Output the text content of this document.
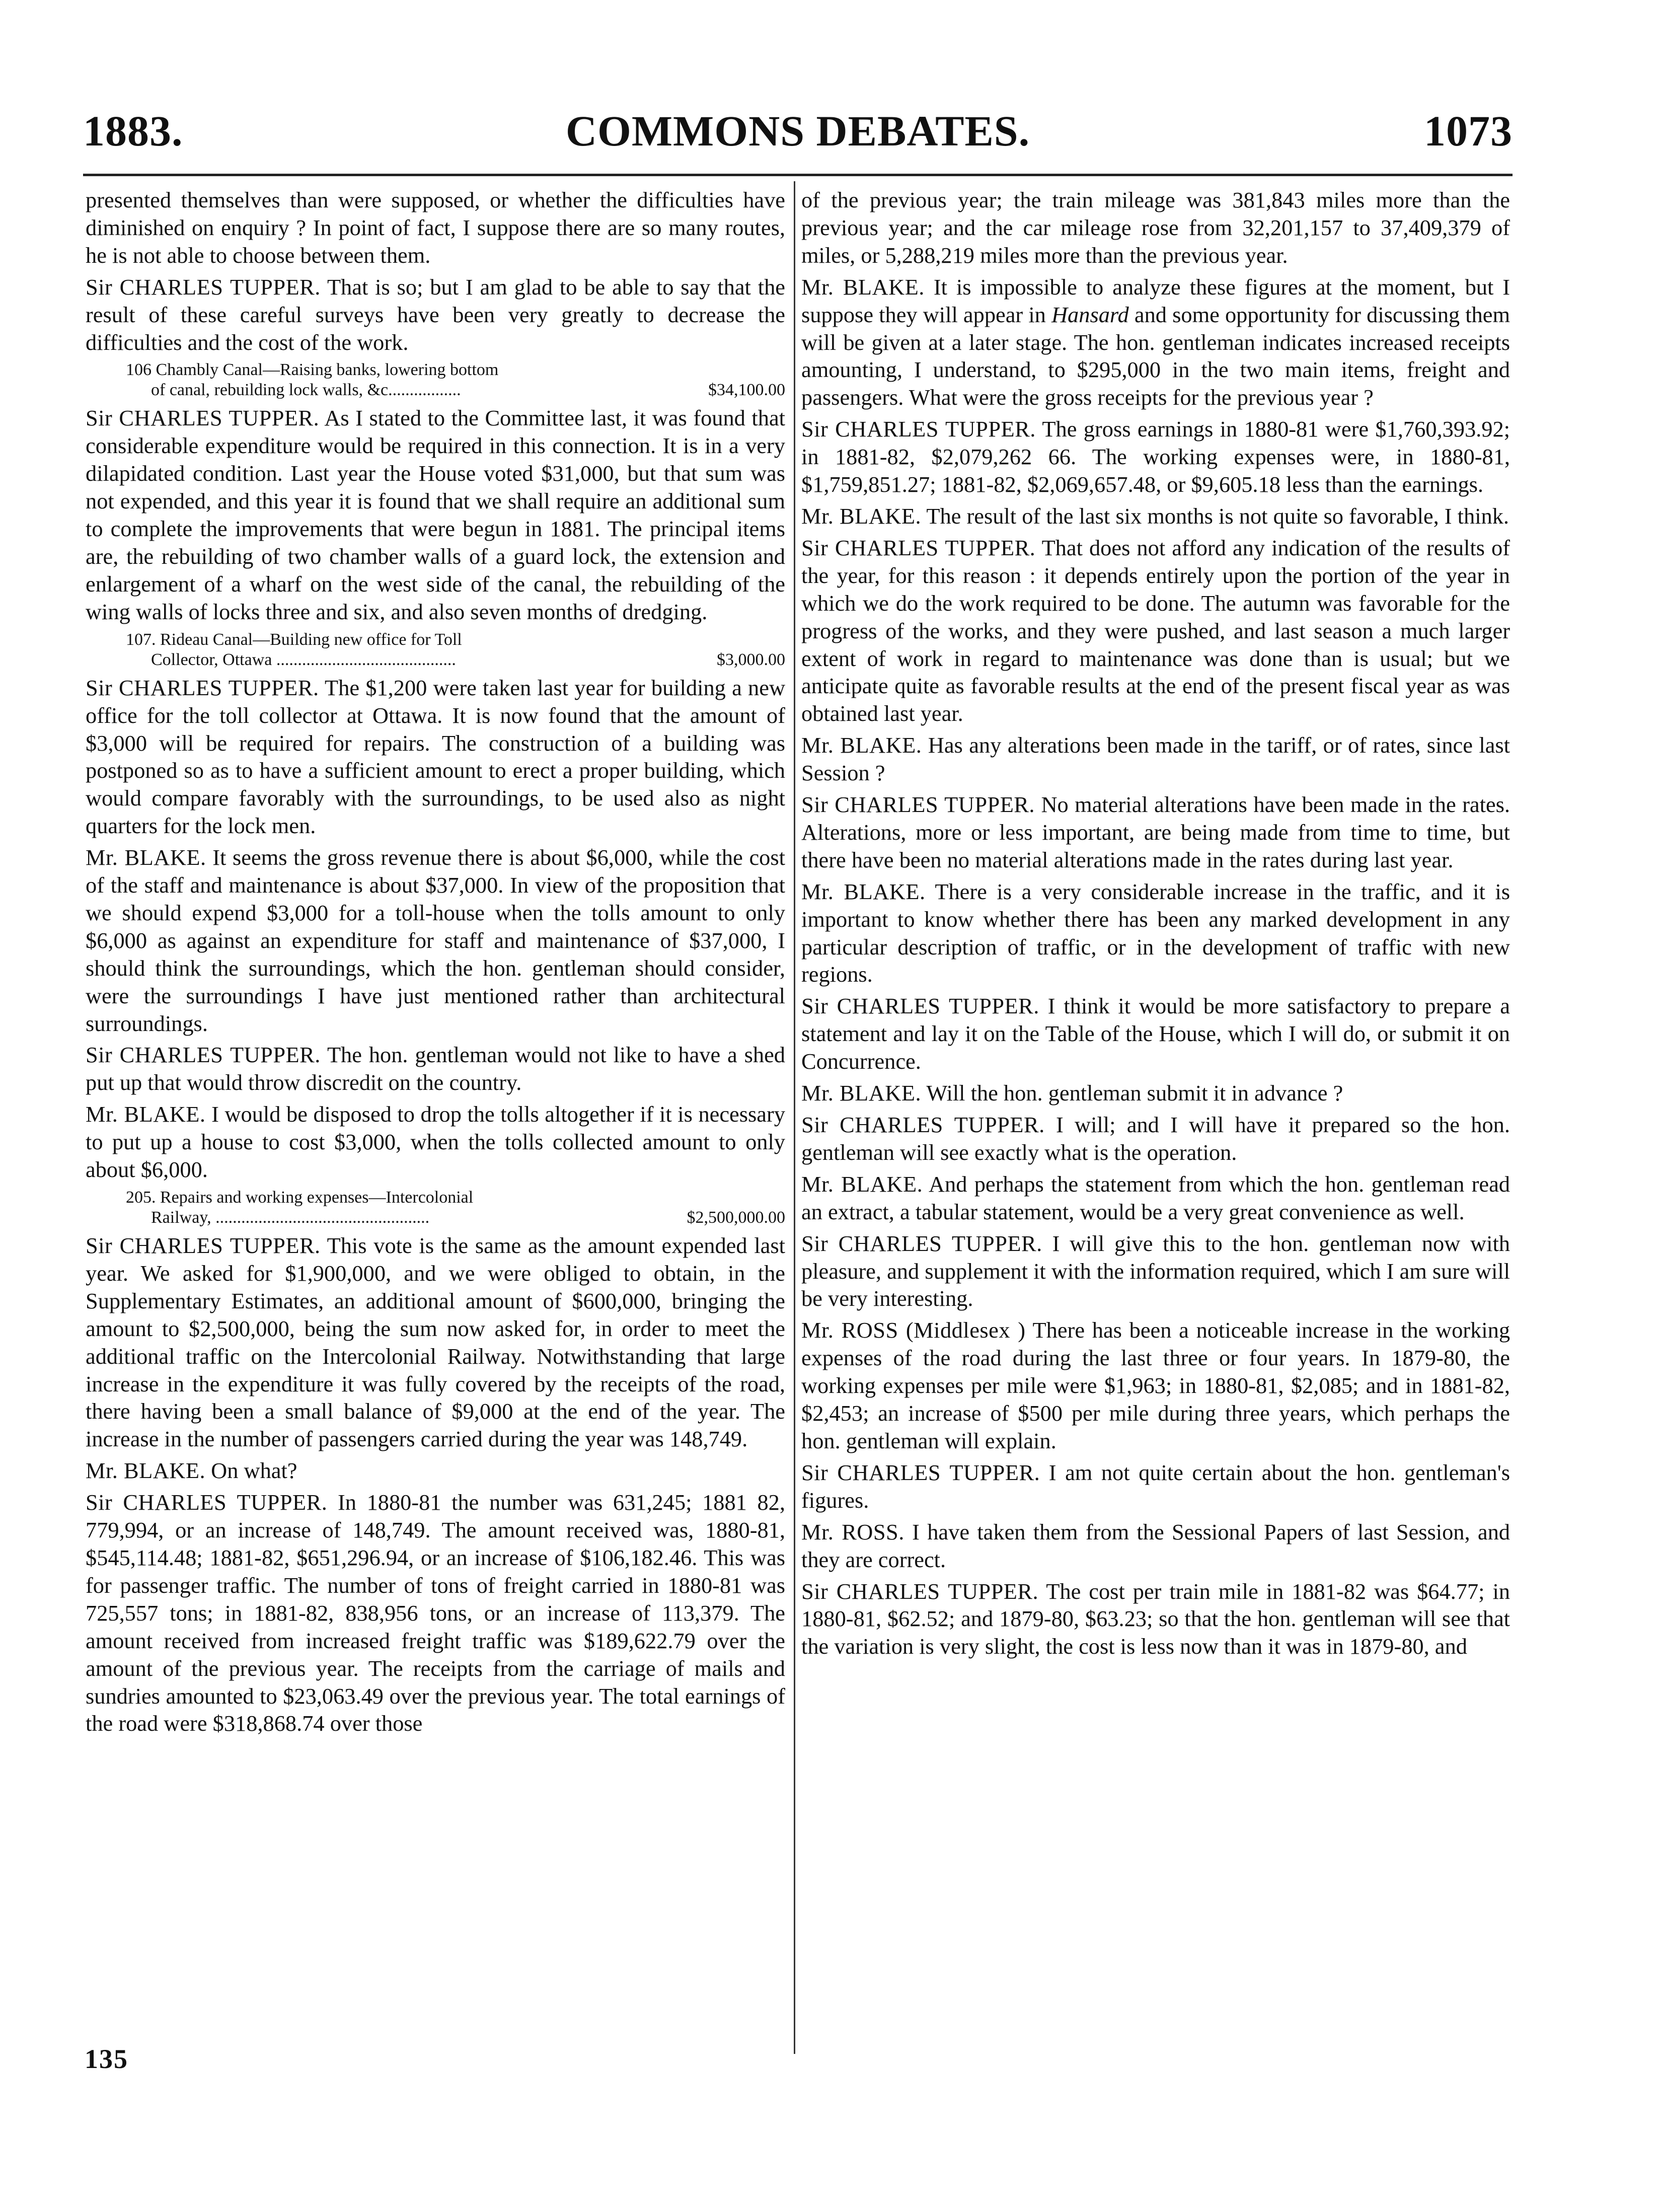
COMMONS DEBATES.
1883.	1073

presented themselves than were supposed, or whether the difficulties have diminished on enquiry ? In point of fact, I suppose there are so many routes, he is not able to choose between them.

Sir CHARLES TUPPER. That is so; but I am glad to be able to say that the result of these careful surveys have been very greatly to decrease the difficulties and the cost of the work.

106 Chambly Canal—Raising banks, lowering bottom
$34,100.00
of canal, rebuilding lock walls, &c.................

Sir CHARLES TUPPER. As I stated to the Committee last, it was found that considerable expenditure would be required in this connection. It is in a very dilapidated condition. Last year the House voted $31,000, but that sum was not expended, and this year it is found that we shall require an additional sum to complete the improvements that were begun in 1881. The principal items are, the rebuilding of two chamber walls of a guard lock, the extension and enlargement of a wharf on the west side of the canal, the rebuilding of the wing walls of locks three and six, and also seven months of dredging.

107. Rideau Canal—Building new office for Toll
$3,000.00
Collector, Ottawa ..........................................

Sir CHARLES TUPPER. The $1,200 were taken last year for building a new office for the toll collector at Ottawa. It is now found that the amount of $3,000 will be required for repairs. The construction of a building was postponed so as to have a sufficient amount to erect a proper building, which would compare favorably with the surroundings, to be used also as night quarters for the lock men.

Mr. BLAKE. It seems the gross revenue there is about $6,000, while the cost of the staff and maintenance is about $37,000. In view of the proposition that we should expend $3,000 for a toll-house when the tolls amount to only $6,000 as against an expenditure for staff and maintenance of $37,000, I should think the surroundings, which the hon. gentleman should consider, were the surroundings I have just mentioned rather than architectural surroundings.

Sir CHARLES TUPPER. The hon. gentleman would not like to have a shed put up that would throw discredit on the country.

Mr. BLAKE. I would be disposed to drop the tolls altogether if it is necessary to put up a house to cost $3,000, when the tolls collected amount to only about $6,000.

205. Repairs and working expenses—Intercolonial
$2,500,000.00
Railway, ..................................................

Sir CHARLES TUPPER. This vote is the same as the amount expended last year. We asked for $1,900,000, and we were obliged to obtain, in the Supplementary Estimates, an additional amount of $600,000, bringing the amount to $2,500,000, being the sum now asked for, in order to meet the additional traffic on the Intercolonial Railway. Notwithstanding that large increase in the expenditure it was fully covered by the receipts of the road, there having been a small balance of $9,000 at the end of the year. The increase in the number of passengers carried during the year was 148,749.

Mr. BLAKE. On what?

Sir CHARLES TUPPER. In 1880-81 the number was 631,245; 1881 82, 779,994, or an increase of 148,749. The amount received was, 1880-81, $545,114.48; 1881-82, $651,296.94, or an increase of $106,182.46. This was for passenger traffic. The number of tons of freight carried in 1880-81 was 725,557 tons; in 1881-82, 838,956 tons, or an increase of 113,379. The amount received from increased freight traffic was $189,622.79 over the amount of the previous year. The receipts from the carriage of mails and sundries amounted to $23,063.49 over the previous year. The total earnings of the road were $318,868.74 over those

of the previous year; the train mileage was 381,843 miles more than the previous year; and the car mileage rose from 32,201,157 to 37,409,379 of miles, or 5,288,219 miles more than the previous year.

Mr. BLAKE. It is impossible to analyze these figures at the moment, but I suppose they will appear in Hansard and some opportunity for discussing them will be given at a later stage. The hon. gentleman indicates increased receipts amounting, I understand, to $295,000 in the two main items, freight and passengers. What were the gross receipts for the previous year ?

Sir CHARLES TUPPER. The gross earnings in 1880-81 were $1,760,393.92; in 1881-82, $2,079,262 66. The working expenses were, in 1880-81, $1,759,851.27; 1881-82, $2,069,657.48, or $9,605.18 less than the earnings.

Mr. BLAKE. The result of the last six months is not quite so favorable, I think.

Sir CHARLES TUPPER. That does not afford any indication of the results of the year, for this reason : it depends entirely upon the portion of the year in which we do the work required to be done. The autumn was favorable for the progress of the works, and they were pushed, and last season a much larger extent of work in regard to maintenance was done than is usual; but we anticipate quite as favorable results at the end of the present fiscal year as was obtained last year.

Mr. BLAKE. Has any alterations been made in the tariff, or of rates, since last Session ?

Sir CHARLES TUPPER. No material alterations have been made in the rates. Alterations, more or less important, are being made from time to time, but there have been no material alterations made in the rates during last year.

Mr. BLAKE. There is a very considerable increase in the traffic, and it is important to know whether there has been any marked development in any particular description of traffic, or in the development of traffic with new regions.

Sir CHARLES TUPPER. I think it would be more satisfactory to prepare a statement and lay it on the Table of the House, which I will do, or submit it on Concurrence.

Mr. BLAKE. Will the hon. gentleman submit it in advance ?

Sir CHARLES TUPPER. I will; and I will have it prepared so the hon. gentleman will see exactly what is the operation.

Mr. BLAKE. And perhaps the statement from which the hon. gentleman read an extract, a tabular statement, would be a very great convenience as well.

Sir CHARLES TUPPER. I will give this to the hon. gentleman now with pleasure, and supplement it with the information required, which I am sure will be very interesting.

Mr. ROSS (Middlesex ) There has been a noticeable increase in the working expenses of the road during the last three or four years. In 1879-80, the working expenses per mile were $1,963; in 1880-81, $2,085; and in 1881-82, $2,453; an increase of $500 per mile during three years, which perhaps the hon. gentleman will explain.

Sir CHARLES TUPPER. I am not quite certain about the hon. gentleman's figures.

Mr. ROSS. I have taken them from the Sessional Papers of last Session, and they are correct.

Sir CHARLES TUPPER. The cost per train mile in 1881-82 was $64.77; in 1880-81, $62.52; and 1879-80, $63.23; so that the hon. gentleman will see that the variation is very slight, the cost is less now than it was in 1879-80, and

135
